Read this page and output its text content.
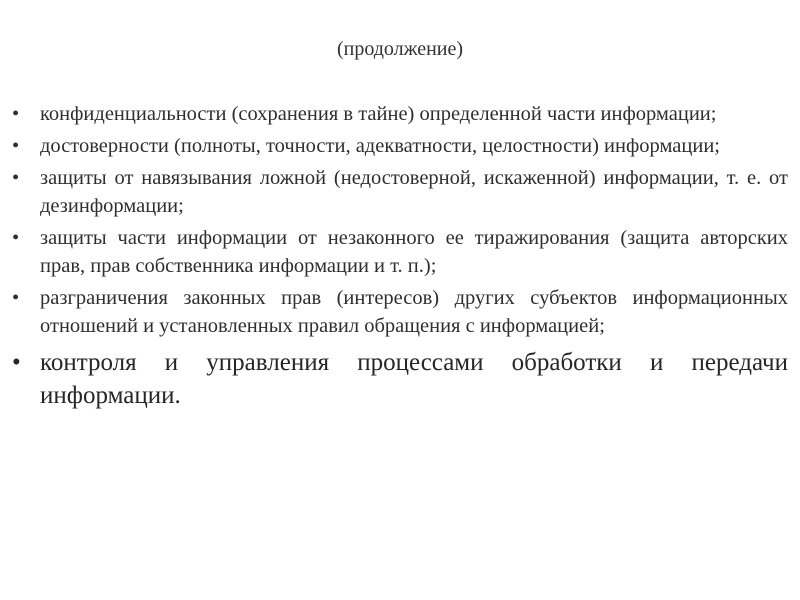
(продолжение)
•	конфиденциальности (сохранения в тайне) определенной части информации;
•	достоверности (полноты, точности, адекватности, целостности) информации;
•	защиты от навязывания ложной (недостоверной, искаженной) информации, т. е. от дезинформации;
•	защиты части информации от незаконного ее тиражирования (защита авторских прав, прав собственника информации и т. п.);
•	разграничения законных прав (интересов) других субъектов информационных отношений и установленных правил обращения с информацией;
• контроля и управления процессами обработки и передачи информации.
